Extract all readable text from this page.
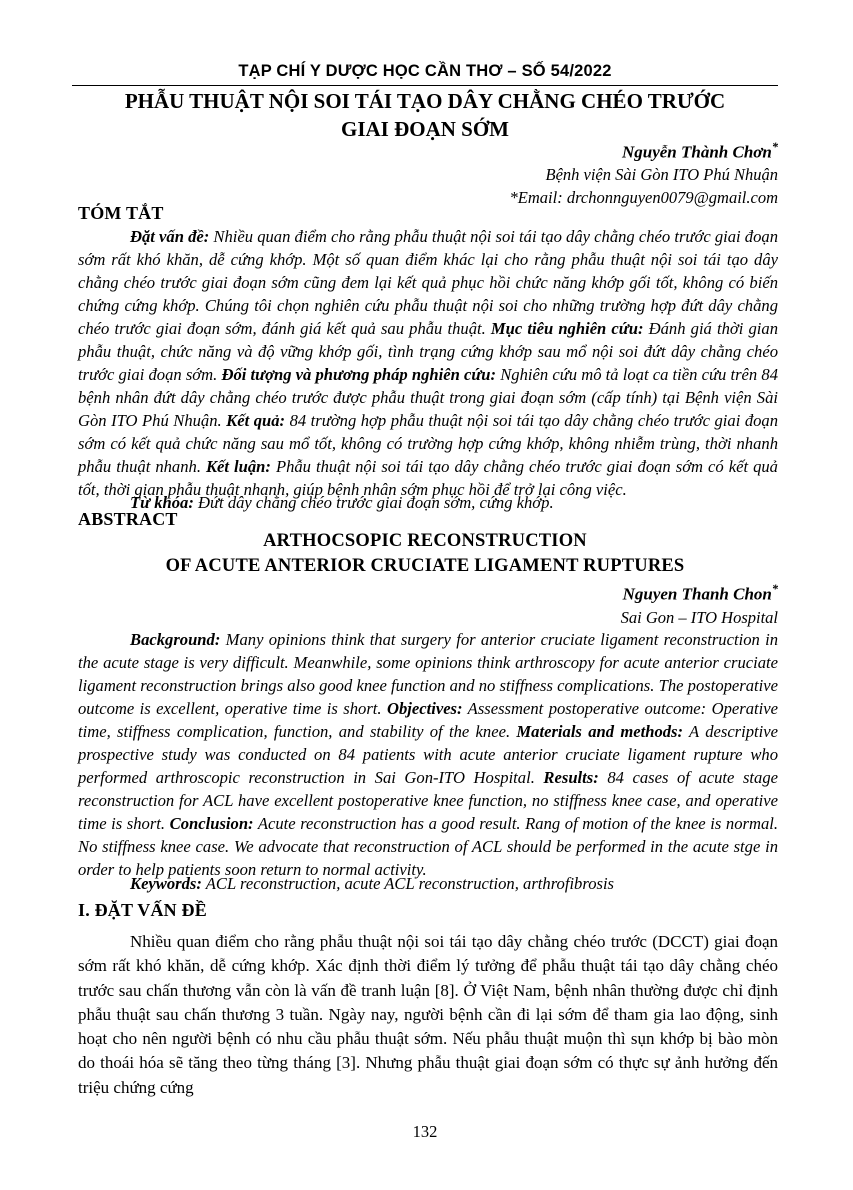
TẠP CHÍ Y DƯỢC HỌC CẦN THƠ – SỐ 54/2022
PHẪU THUẬT NỘI SOI TÁI TẠO DÂY CHẰNG CHÉO TRƯỚC
GIAI ĐOẠN SỚM
Nguyễn Thành Chơn*
Bệnh viện Sài Gòn ITO Phú Nhuận
*Email: drchonnguyen0079@gmail.com
TÓM TẮT
Đặt vấn đề: Nhiều quan điểm cho rằng phẫu thuật nội soi tái tạo dây chằng chéo trước giai đoạn sớm rất khó khăn, dễ cứng khớp. Một số quan điểm khác lại cho rằng phẫu thuật nội soi tái tạo dây chằng chéo trước giai đoạn sớm cũng đem lại kết quả phục hồi chức năng khớp gối tốt, không có biến chứng cứng khớp. Chúng tôi chọn nghiên cứu phẫu thuật nội soi cho những trường hợp đứt dây chằng chéo trước giai đoạn sớm, đánh giá kết quả sau phẫu thuật. Mục tiêu nghiên cứu: Đánh giá thời gian phẫu thuật, chức năng và độ vững khớp gối, tình trạng cứng khớp sau mổ nội soi đứt dây chằng chéo trước giai đoạn sớm. Đối tượng và phương pháp nghiên cứu: Nghiên cứu mô tả loạt ca tiền cứu trên 84 bệnh nhân đứt dây chằng chéo trước được phẫu thuật trong giai đoạn sớm (cấp tính) tại Bệnh viện Sài Gòn ITO Phú Nhuận. Kết quả: 84 trường hợp phẫu thuật nội soi tái tạo dây chằng chéo trước giai đoạn sớm có kết quả chức năng sau mổ tốt, không có trường hợp cứng khớp, không nhiễm trùng, thời nhanh phẫu thuật nhanh. Kết luận: Phẫu thuật nội soi tái tạo dây chằng chéo trước giai đoạn sớm có kết quả tốt, thời gian phẫu thuật nhanh, giúp bệnh nhân sớm phục hồi để trở lại công việc.
Từ khóa: Đứt dây chằng chéo trước giai đoạn sớm, cứng khớp.
ABSTRACT
ARTHOCSOPIC RECONSTRUCTION
OF ACUTE ANTERIOR CRUCIATE LIGAMENT RUPTURES
Nguyen Thanh Chon*
Sai Gon – ITO Hospital
Background: Many opinions think that surgery for anterior cruciate ligament reconstruction in the acute stage is very difficult. Meanwhile, some opinions think arthroscopy for acute anterior cruciate ligament reconstruction brings also good knee function and no stiffness complications. The postoperative outcome is excellent, operative time is short. Objectives: Assessment postoperative outcome: Operative time, stiffness complication, function, and stability of the knee. Materials and methods: A descriptive prospective study was conducted on 84 patients with acute anterior cruciate ligament rupture who performed arthroscopic reconstruction in Sai Gon-ITO Hospital. Results: 84 cases of acute stage reconstruction for ACL have excellent postoperative knee function, no stiffness knee case, and operative time is short. Conclusion: Acute reconstruction has a good result. Rang of motion of the knee is normal. No stiffness knee case. We advocate that reconstruction of ACL should be performed in the acute stge in order to help patients soon return to normal activity.
Keywords: ACL reconstruction, acute ACL reconstruction, arthrofibrosis
I. ĐẶT VẤN ĐỀ
Nhiều quan điểm cho rằng phẫu thuật nội soi tái tạo dây chằng chéo trước (DCCT) giai đoạn sớm rất khó khăn, dễ cứng khớp. Xác định thời điểm lý tưởng để phẫu thuật tái tạo dây chằng chéo trước sau chấn thương vẫn còn là vấn đề tranh luận [8]. Ở Việt Nam, bệnh nhân thường được chỉ định phẫu thuật sau chấn thương 3 tuần. Ngày nay, người bệnh cần đi lại sớm để tham gia lao động, sinh hoạt cho nên người bệnh có nhu cầu phẫu thuật sớm. Nếu phẫu thuật muộn thì sụn khớp bị bào mòn do thoái hóa sẽ tăng theo từng tháng [3]. Nhưng phẫu thuật giai đoạn sớm có thực sự ảnh hưởng đến triệu chứng cứng
132
